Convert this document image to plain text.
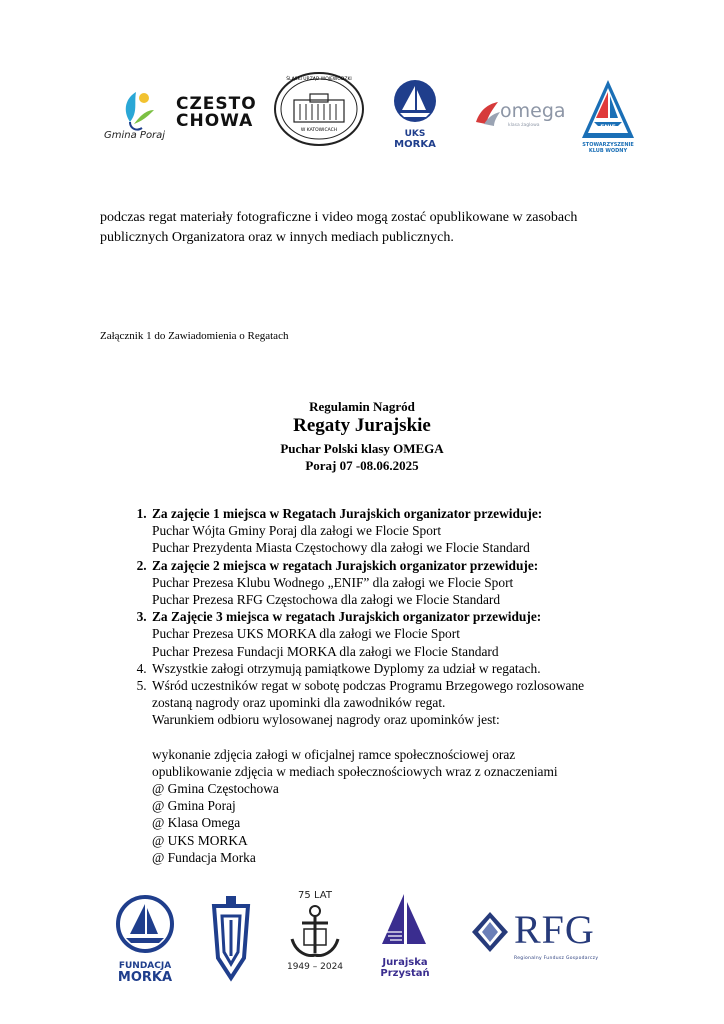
Gmina Poraj
CZESTO
CHOWA
ŚLĄSKI URZĄD WOJEWÓDZKI
W KATOWICACH	UKS
MORKA
omega
klasa żaglowa	ENIF
STOWARZYSZENIE
KLUB WODNY
podczas regat materiały fotograficzne i video mogą zostać opublikowane w zasobach
publicznych Organizatora oraz w innych mediach publicznych.
Załącznik 1 do Zawiadomienia o Regatach
Regulamin Nagród
Regaty Jurajskie
Puchar Polski klasy OMEGA
Poraj 07 -08.06.2025
1. Za zajęcie 1 miejsca w Regatach Jurajskich organizator przewiduje:
Puchar Wójta Gminy Poraj dla załogi we Flocie Sport
Puchar Prezydenta Miasta Częstochowy dla załogi we Flocie Standard
2. Za zajęcie 2 miejsca w regatach Jurajskich organizator przewiduje:
Puchar Prezesa Klubu Wodnego „ENIF” dla załogi we Flocie Sport
Puchar Prezesa RFG Częstochowa dla załogi we Flocie Standard
3. Za Zajęcie 3 miejsca w regatach Jurajskich organizator przewiduje:
Puchar Prezesa UKS MORKA dla załogi we Flocie Sport
Puchar Prezesa Fundacji MORKA dla załogi we Flocie Standard
4. Wszystkie załogi otrzymują pamiątkowe Dyplomy za udział w regatach.
5. Wśród uczestników regat w sobotę podczas Programu Brzegowego rozlosowane
zostaną nagrody oraz upominki dla zawodników regat.
Warunkiem odbioru wylosowanej nagrody oraz upominków jest:
wykonanie zdjęcia załogi w oficjalnej ramce społecznościowej oraz
opublikowanie zdjęcia w mediach społecznościowych wraz z oznaczeniami
@ Gmina Częstochowa
@ Gmina Poraj
@ Klasa Omega
@ UKS MORKA
@ Fundacja Morka
FUNDACJA
MORKA
75 LAT
1949 – 2024	Jurajska
Przystań
RFG
Regionalny Fundusz Gospodarczy
